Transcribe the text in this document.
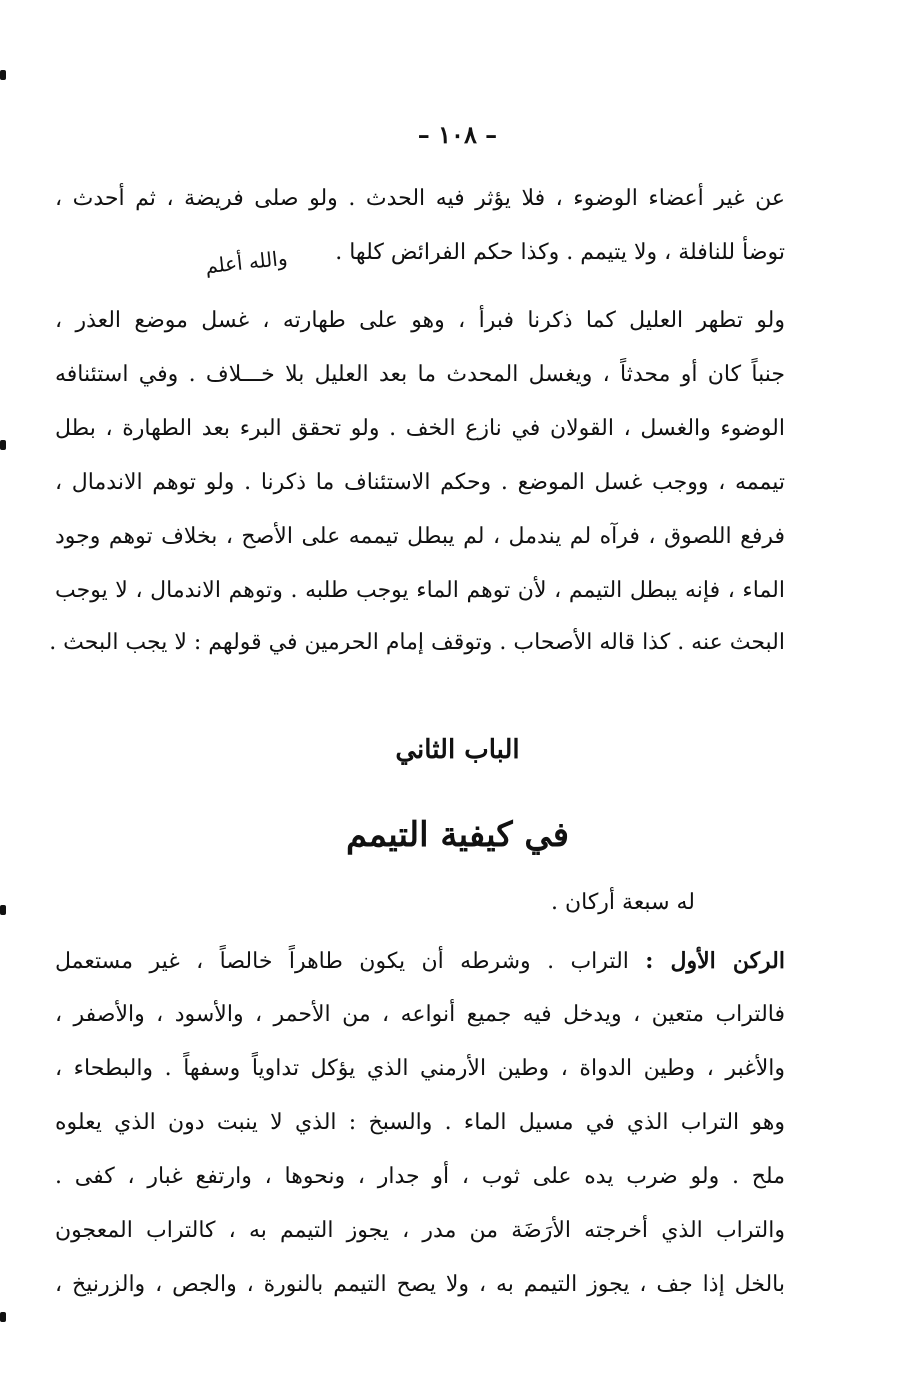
– ١٠٨ –
عن غير أعضاء الوضوء ، فلا يؤثر فيه الحدث . ولو صلى فريضة ، ثم أحدث ،
توضأ للنافلة ، ولا يتيمم . وكذا حكم الفرائض كلها .
والله أعلم
ولو تطهر العليل كما ذكرنا فبرأ ، وهو على طهارته ، غسل موضع العذر ،
جنباً كان أو محدثاً ، ويغسل المحدث ما بعد العليل بلا خـــلاف . وفي استئنافه
الوضوء والغسل ، القولان في نازع الخف . ولو تحقق البرء بعد الطهارة ، بطل
تيممه ، ووجب غسل الموضع . وحكم الاستئناف ما ذكرنا . ولو توهم الاندمال ،
فرفع اللصوق ، فرآه لم يندمل ، لم يبطل تيممه على الأصح ، بخلاف توهم وجود
الماء ، فإنه يبطل التيمم ، لأن توهم الماء يوجب طلبه . وتوهم الاندمال ، لا يوجب
البحث عنه . كذا قاله الأصحاب . وتوقف إمام الحرمين في قولهم : لا يجب البحث .
الباب الثاني
في كيفية التيمم
له سبعة أركان .
الركن الأول : التراب . وشرطه أن يكون طاهراً خالصاً ، غير مستعمل
فالتراب متعين ، ويدخل فيه جميع أنواعه ، من الأحمر ، والأسود ، والأصفر ،
والأغبر ، وطين الدواة ، وطين الأرمني الذي يؤكل تداوياً وسفهاً . والبطحاء ،
وهو التراب الذي في مسيل الماء . والسبخ : الذي لا ينبت دون الذي يعلوه
ملح . ولو ضرب يده على ثوب ، أو جدار ، ونحوها ، وارتفع غبار ، كفى .
والتراب الذي أخرجته الأرَضَة من مدر ، يجوز التيمم به ، كالتراب المعجون
بالخل إذا جف ، يجوز التيمم به ، ولا يصح التيمم بالنورة ، والجص ، والزرنيخ ،
